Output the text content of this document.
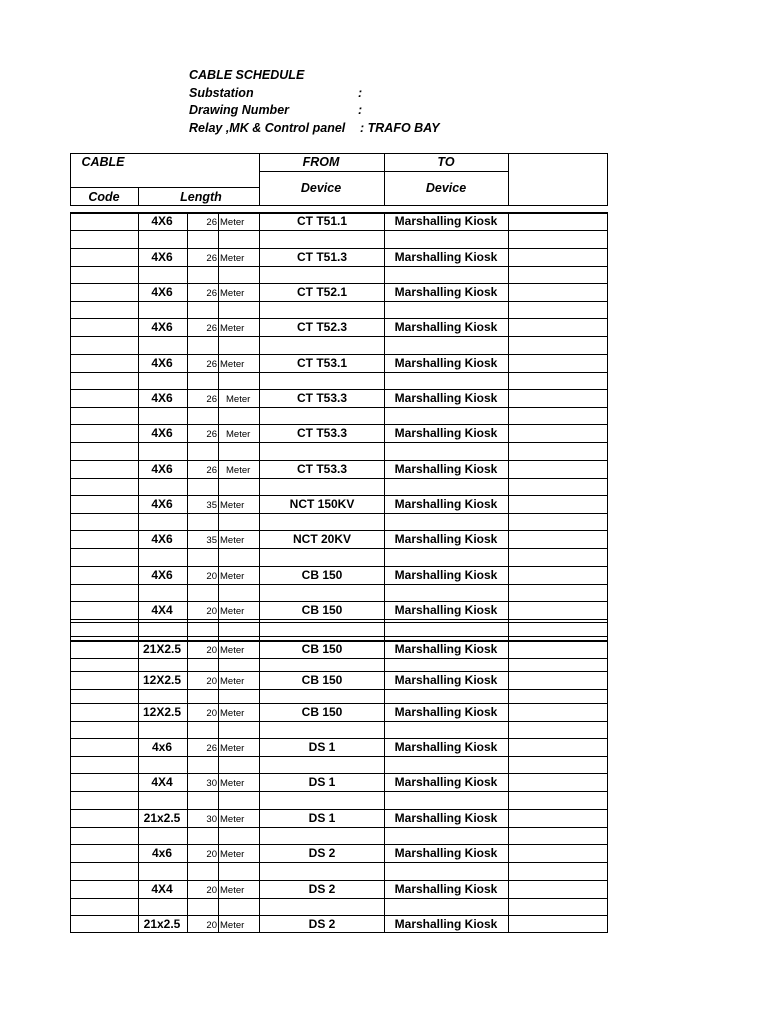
CABLE SCHEDULE
Substation	:
Drawing Number	:
Relay ,MK & Control panel : TRAFO BAY
CABLE	FROM	TO
Code	Length
Device	Device
4X6	26 Meter	CT T51.1	Marshalling Kiosk
4X6	26 Meter	CT T51.3	Marshalling Kiosk
4X6	26 Meter	CT T52.1	Marshalling Kiosk
4X6	26 Meter	CT T52.3	Marshalling Kiosk
4X6	26 Meter	CT T53.1	Marshalling Kiosk
4X6	26 Meter	CT T53.3	Marshalling Kiosk
4X6	26 Meter	CT T53.3	Marshalling Kiosk
4X6	26 Meter	CT T53.3	Marshalling Kiosk
4X6	35 Meter	NCT 150KV	Marshalling Kiosk
4X6	35 Meter	NCT 20KV	Marshalling Kiosk
4X6	20 Meter	CB 150	Marshalling Kiosk
4X4	20 Meter	CB 150	Marshalling Kiosk
21X2.5	20 Meter	CB 150	Marshalling Kiosk
12X2.5	20 Meter	CB 150	Marshalling Kiosk
12X2.5	20 Meter	CB 150	Marshalling Kiosk
4x6	26 Meter	DS 1	Marshalling Kiosk
4X4	30 Meter	DS 1	Marshalling Kiosk
21x2.5	30 Meter	DS 1	Marshalling Kiosk
4x6	20 Meter	DS 2	Marshalling Kiosk
4X4	20 Meter	DS 2	Marshalling Kiosk
21x2.5	20 Meter	DS 2	Marshalling Kiosk
